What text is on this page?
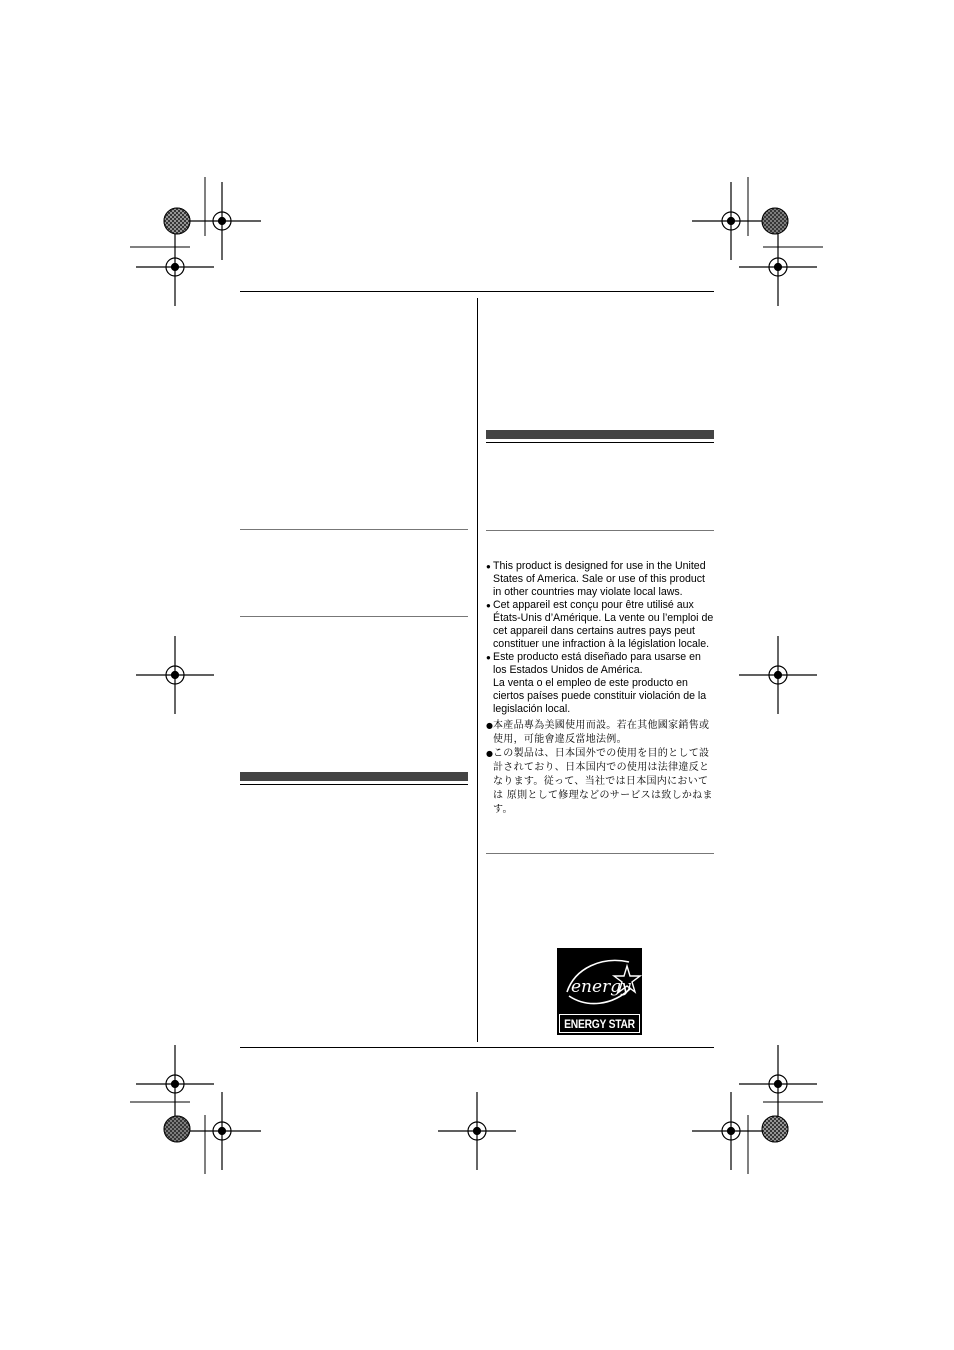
● This product is designed for use in the United States of America. Sale or use of this product in other countries may violate local laws.
● Cet appareil est conçu pour être utilisé aux États-Unis d’Amérique. La vente ou l’emploi de cet appareil dans certains autres pays peut constituer une infraction à la législation locale.
● Este producto está diseñado para usarse en los Estados Unidos de América.
La venta o el empleo de este producto en ciertos países puede constituir violación de la legislación local.
● 本產品專為美國使用而設。若在其他國家銷售或使用，可能會違反當地法例。
● この製品は、日本国外での使用を目的として設計されており、日本国内での使用は法律違反となります。従って、当社では日本国内においては 原則として修理などのサービスは致しかねます。
energy
ENERGY STAR
